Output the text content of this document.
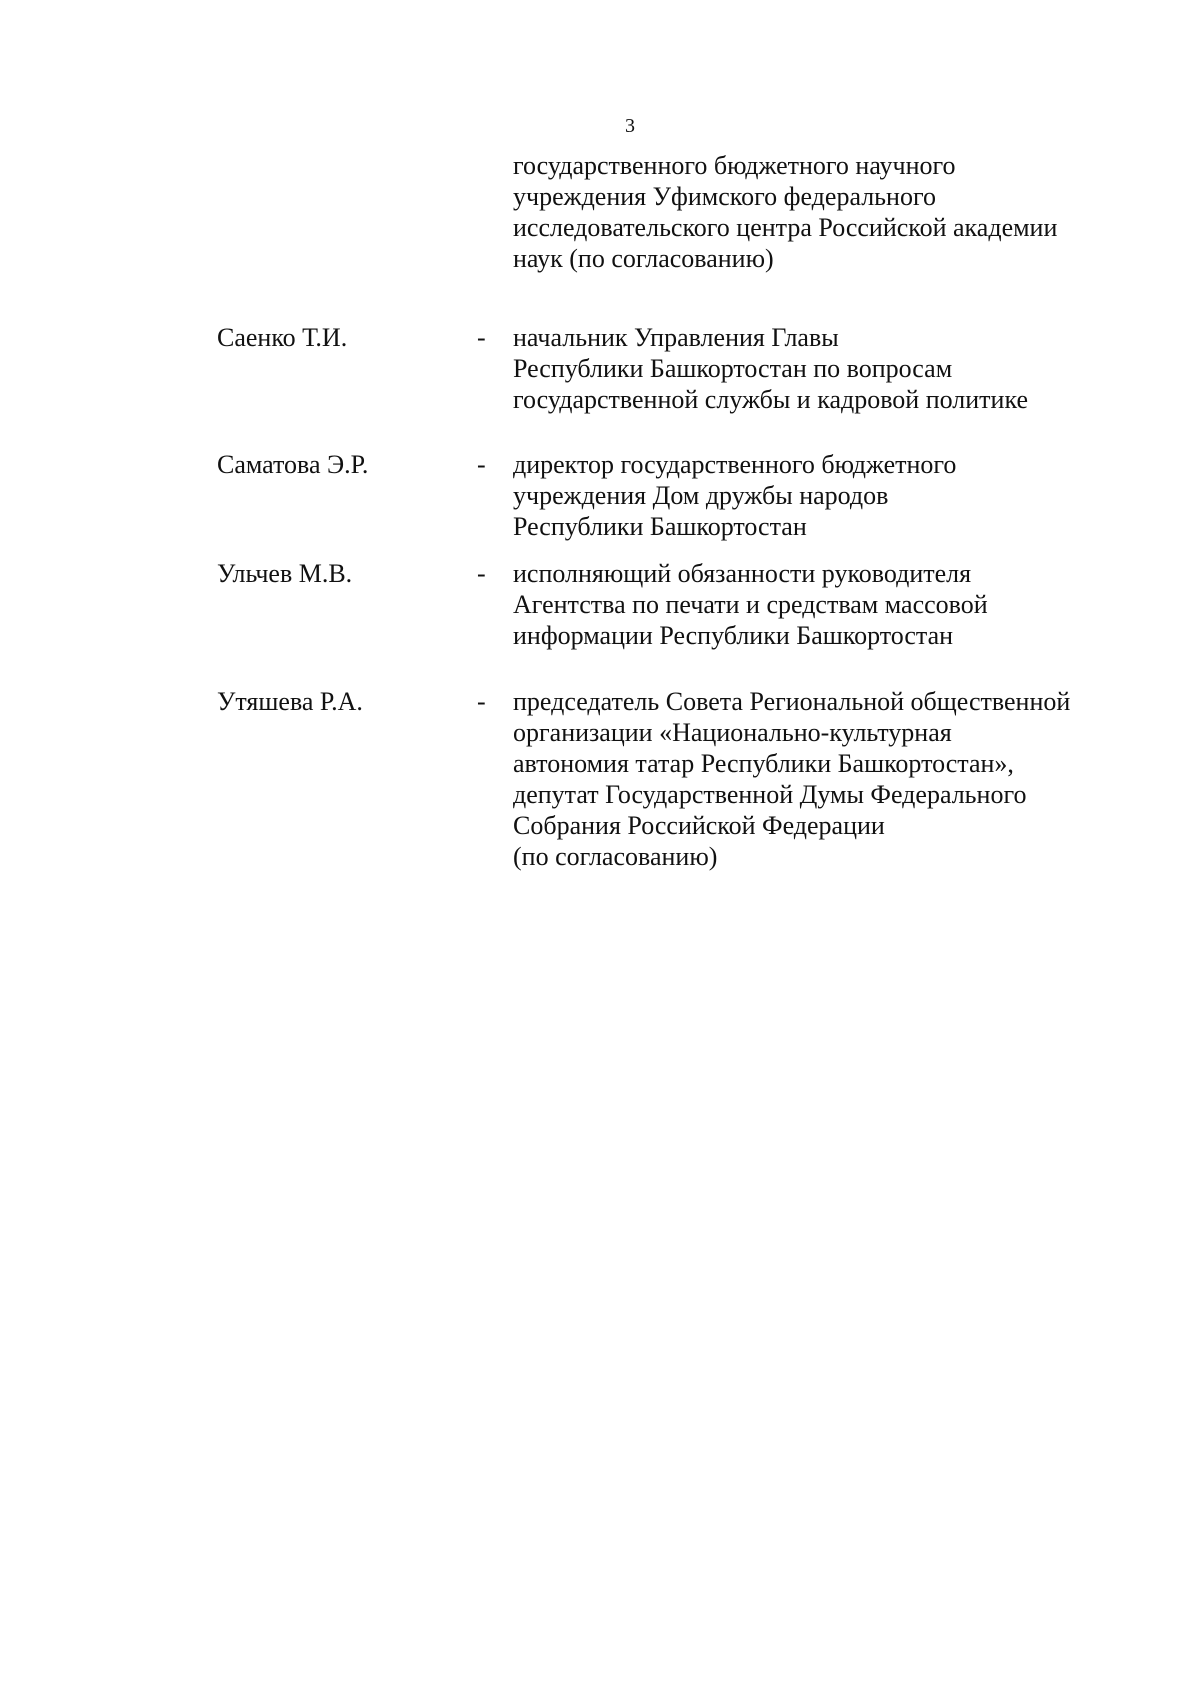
3
государственного бюджетного научного
учреждения Уфимского федерального
исследовательского центра Российской академии
наук (по согласованию)
Саенко Т.И.	- начальник Управления Главы
Республики Башкортостан по вопросам
государственной службы и кадровой политике
Саматова Э.Р.	- директор государственного бюджетного
учреждения Дом дружбы народов
Республики Башкортостан
Ульчев М.В.	- исполняющий обязанности руководителя
Агентства по печати и средствам массовой
информации Республики Башкортостан
Утяшева Р.А.	- председатель Совета Региональной общественной
организации «Национально-культурная
автономия татар Республики Башкортостан»,
депутат Государственной Думы Федерального
Собрания Российской Федерации
(по согласованию)
